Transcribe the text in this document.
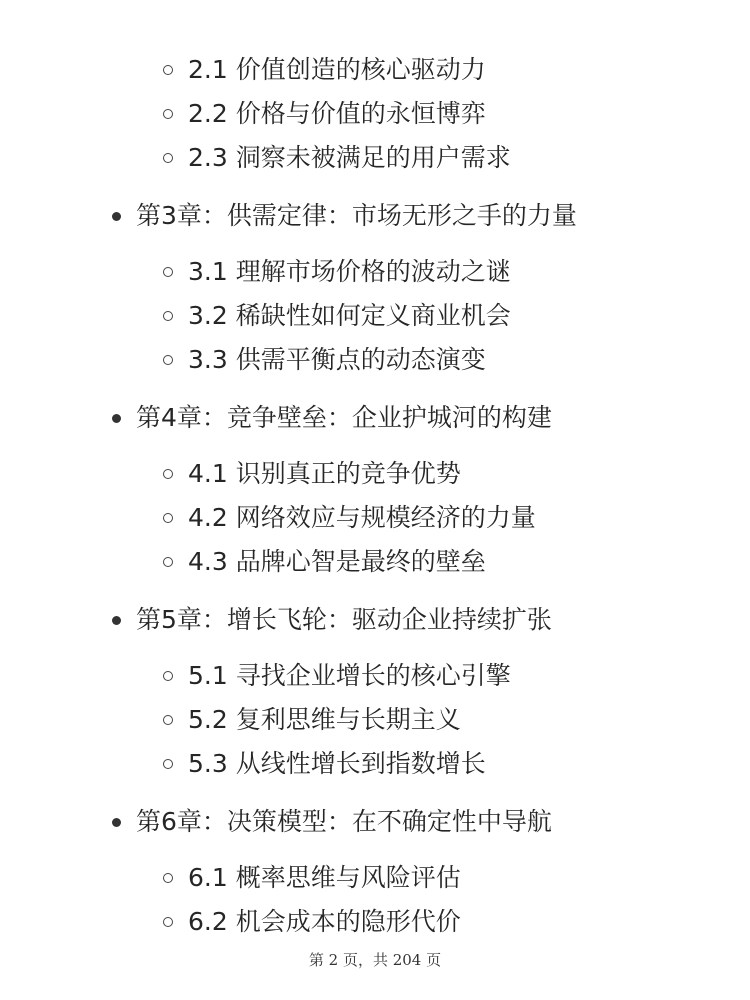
2.1 价值创造的核心驱动力
2.2 价格与价值的永恒博弈
2.3 洞察未被满足的用户需求
第3章：供需定律：市场无形之手的力量
3.1 理解市场价格的波动之谜
3.2 稀缺性如何定义商业机会
3.3 供需平衡点的动态演变
第4章：竞争壁垒：企业护城河的构建
4.1 识别真正的竞争优势
4.2 网络效应与规模经济的力量
4.3 品牌心智是最终的壁垒
第5章：增长飞轮：驱动企业持续扩张
5.1 寻找企业增长的核心引擎
5.2 复利思维与长期主义
5.3 从线性增长到指数增长
第6章：决策模型：在不确定性中导航
6.1 概率思维与风险评估
6.2 机会成本的隐形代价
第 2 页，共 204 页
